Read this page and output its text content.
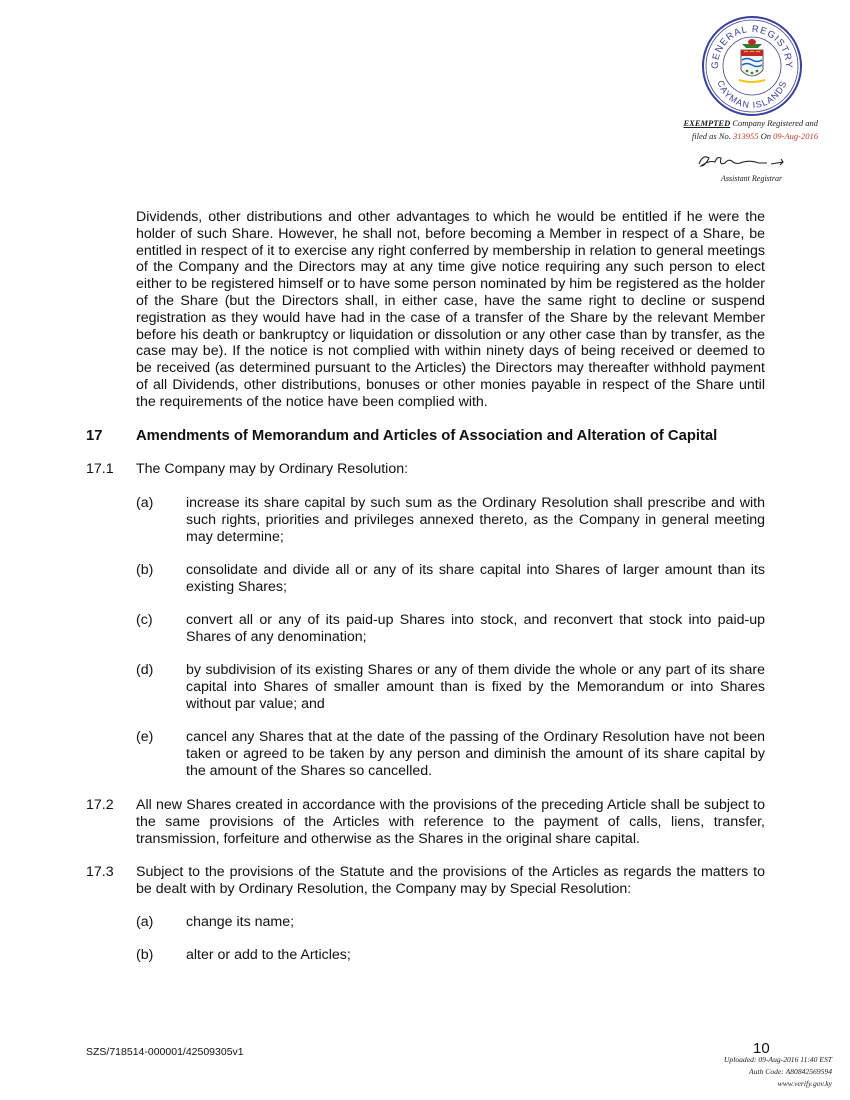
GENERAL REGISTRY
CAYMAN ISLANDS
EXEMPTED Company Registered and
filed as No. 313955 On 09-Aug-2016
Assistant Registrar

Dividends, other distributions and other advantages to which he would be entitled if he were the holder of such Share. However, he shall not, before becoming a Member in respect of a Share, be entitled in respect of it to exercise any right conferred by membership in relation to general meetings of the Company and the Directors may at any time give notice requiring any such person to elect either to be registered himself or to have some person nominated by him be registered as the holder of the Share (but the Directors shall, in either case, have the same right to decline or suspend registration as they would have had in the case of a transfer of the Share by the relevant Member before his death or bankruptcy or liquidation or dissolution or any other case than by transfer, as the case may be). If the notice is not complied with within ninety days of being received or deemed to be received (as determined pursuant to the Articles) the Directors may thereafter withhold payment of all Dividends, other distributions, bonuses or other monies payable in respect of the Share until the requirements of the notice have been complied with.

17 Amendments of Memorandum and Articles of Association and Alteration of Capital

17.1 The Company may by Ordinary Resolution:

(a) increase its share capital by such sum as the Ordinary Resolution shall prescribe and with such rights, priorities and privileges annexed thereto, as the Company in general meeting may determine;

(b) consolidate and divide all or any of its share capital into Shares of larger amount than its existing Shares;

(c) convert all or any of its paid-up Shares into stock, and reconvert that stock into paid-up Shares of any denomination;

(d) by subdivision of its existing Shares or any of them divide the whole or any part of its share capital into Shares of smaller amount than is fixed by the Memorandum or into Shares without par value; and

(e) cancel any Shares that at the date of the passing of the Ordinary Resolution have not been taken or agreed to be taken by any person and diminish the amount of its share capital by the amount of the Shares so cancelled.

17.2 All new Shares created in accordance with the provisions of the preceding Article shall be subject to the same provisions of the Articles with reference to the payment of calls, liens, transfer, transmission, forfeiture and otherwise as the Shares in the original share capital.

17.3 Subject to the provisions of the Statute and the provisions of the Articles as regards the matters to be dealt with by Ordinary Resolution, the Company may by Special Resolution:

(a) change its name;

(b) alter or add to the Articles;

SZS/718514-000001/42509305v1	10
Uploaded: 09-Aug-2016 11:40 EST
Auth Code: A80842569594
www.verify.gov.ky
